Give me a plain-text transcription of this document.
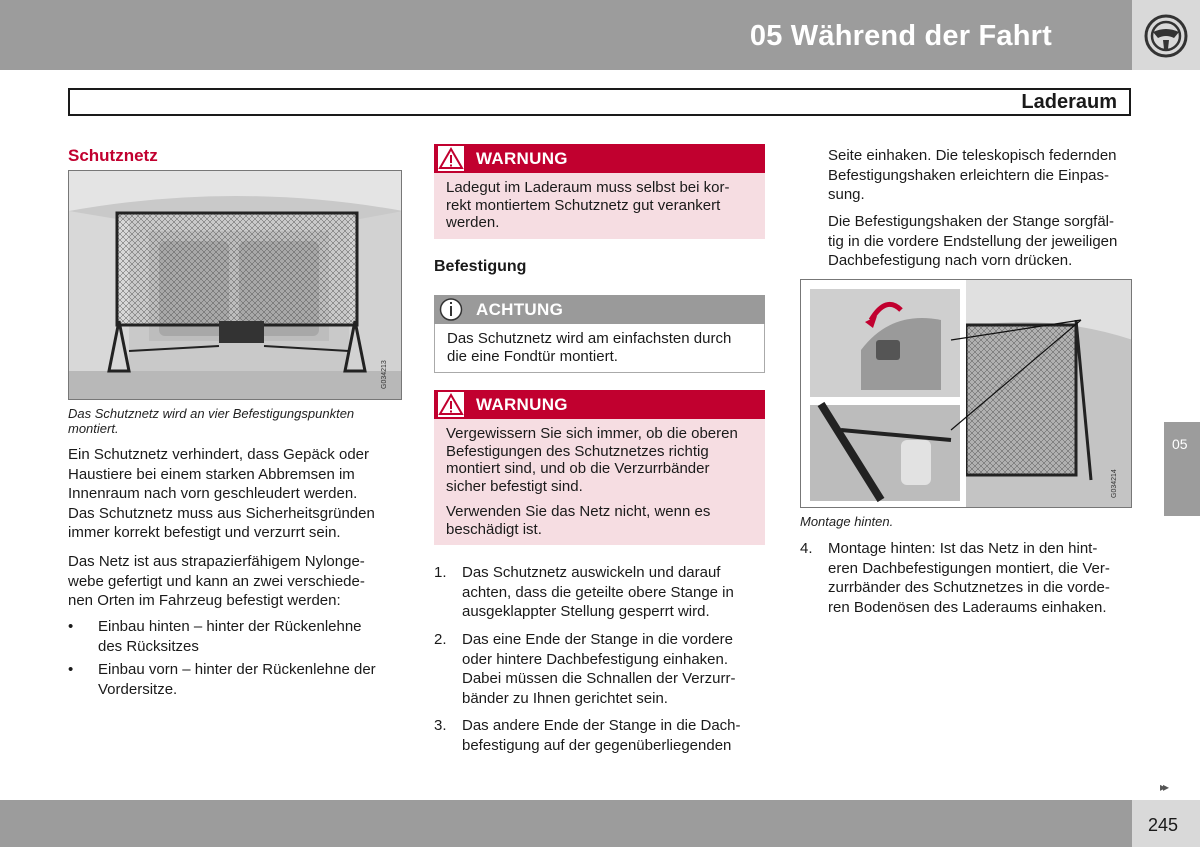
05 Während der Fahrt
Laderaum
Schutznetz
G034213
Das Schutznetz wird an vier Befestigungspunkten
montiert.
Ein Schutznetz verhindert, dass Gepäck oder
Haustiere bei einem starken Abbremsen im
Innenraum nach vorn geschleudert werden.
Das Schutznetz muss aus Sicherheitsgründen
immer korrekt befestigt und verzurrt sein.
Das Netz ist aus strapazierfähigem Nylonge-
webe gefertigt und kann an zwei verschiede-
nen Orten im Fahrzeug befestigt werden:
• Einbau hinten – hinter der Rückenlehne
des Rücksitzes
• Einbau vorn – hinter der Rückenlehne der
Vordersitze.
WARNUNG
Ladegut im Laderaum muss selbst bei kor-
rekt montiertem Schutznetz gut verankert
werden.
Befestigung
ACHTUNG
Das Schutznetz wird am einfachsten durch
die eine Fondtür montiert.
WARNUNG
Vergewissern Sie sich immer, ob die oberen
Befestigungen des Schutznetzes richtig
montiert sind, und ob die Verzurrbänder
sicher befestigt sind.
Verwenden Sie das Netz nicht, wenn es
beschädigt ist.
1. Das Schutznetz auswickeln und darauf
achten, dass die geteilte obere Stange in
ausgeklappter Stellung gesperrt wird.
2. Das eine Ende der Stange in die vordere
oder hintere Dachbefestigung einhaken.
Dabei müssen die Schnallen der Verzurr-
bänder zu Ihnen gerichtet sein.
3. Das andere Ende der Stange in die Dach-
befestigung auf der gegenüberliegenden
Seite einhaken. Die teleskopisch federnden
Befestigungshaken erleichtern die Einpas-
sung.
Die Befestigungshaken der Stange sorgfäl-
tig in die vordere Endstellung der jeweiligen
Dachbefestigung nach vorn drücken.
G034214
Montage hinten.
4. Montage hinten: Ist das Netz in den hint-
eren Dachbefestigungen montiert, die Ver-
zurrbänder des Schutznetzes in die vorde-
ren Bodenösen des Laderaums einhaken.
05
▸▸
245
